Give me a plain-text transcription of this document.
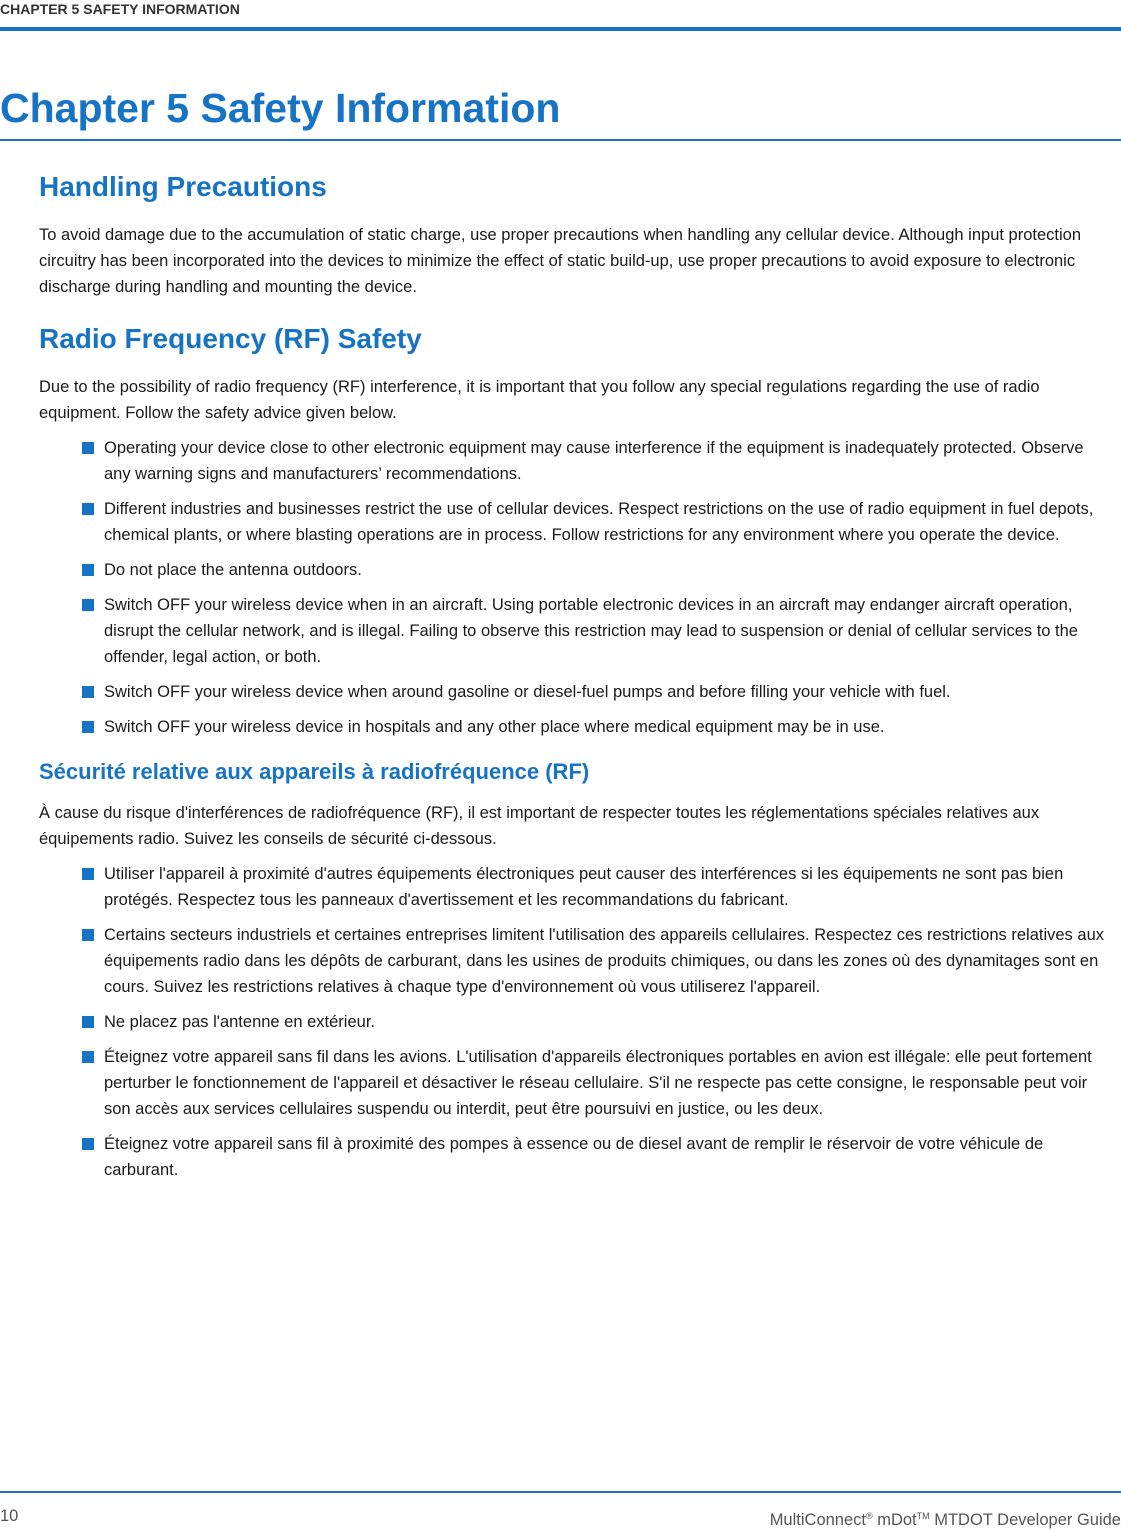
CHAPTER 5 SAFETY INFORMATION
Chapter 5 Safety Information
Handling Precautions

To avoid damage due to the accumulation of static charge, use proper precautions when handling any cellular device. Although input protection circuitry has been incorporated into the devices to minimize the effect of static build-up, use proper precautions to avoid exposure to electronic discharge during handling and mounting the device.

Radio Frequency (RF) Safety

Due to the possibility of radio frequency (RF) interference, it is important that you follow any special regulations regarding the use of radio equipment. Follow the safety advice given below.

Operating your device close to other electronic equipment may cause interference if the equipment is inadequately protected. Observe any warning signs and manufacturers’ recommendations.
Different industries and businesses restrict the use of cellular devices. Respect restrictions on the use of radio equipment in fuel depots, chemical plants, or where blasting operations are in process. Follow restrictions for any environment where you operate the device.
Do not place the antenna outdoors.
Switch OFF your wireless device when in an aircraft. Using portable electronic devices in an aircraft may endanger aircraft operation, disrupt the cellular network, and is illegal. Failing to observe this restriction may lead to suspension or denial of cellular services to the offender, legal action, or both.
Switch OFF your wireless device when around gasoline or diesel-fuel pumps and before filling your vehicle with fuel.
Switch OFF your wireless device in hospitals and any other place where medical equipment may be in use.
Sécurité relative aux appareils à radiofréquence (RF)

À cause du risque d'interférences de radiofréquence (RF), il est important de respecter toutes les réglementations spéciales relatives aux équipements radio. Suivez les conseils de sécurité ci-dessous.

Utiliser l'appareil à proximité d'autres équipements électroniques peut causer des interférences si les équipements ne sont pas bien protégés. Respectez tous les panneaux d'avertissement et les recommandations du fabricant.
Certains secteurs industriels et certaines entreprises limitent l'utilisation des appareils cellulaires. Respectez ces restrictions relatives aux équipements radio dans les dépôts de carburant, dans les usines de produits chimiques, ou dans les zones où des dynamitages sont en cours. Suivez les restrictions relatives à chaque type d'environnement où vous utiliserez l'appareil.
Ne placez pas l'antenne en extérieur.
Éteignez votre appareil sans fil dans les avions. L'utilisation d'appareils électroniques portables en avion est illégale: elle peut fortement perturber le fonctionnement de l'appareil et désactiver le réseau cellulaire. S'il ne respecte pas cette consigne, le responsable peut voir son accès aux services cellulaires suspendu ou interdit, peut être poursuivi en justice, ou les deux.
Éteignez votre appareil sans fil à proximité des pompes à essence ou de diesel avant de remplir le réservoir de votre véhicule de carburant.
10	MultiConnect® mDot™ MTDOT Developer Guide
